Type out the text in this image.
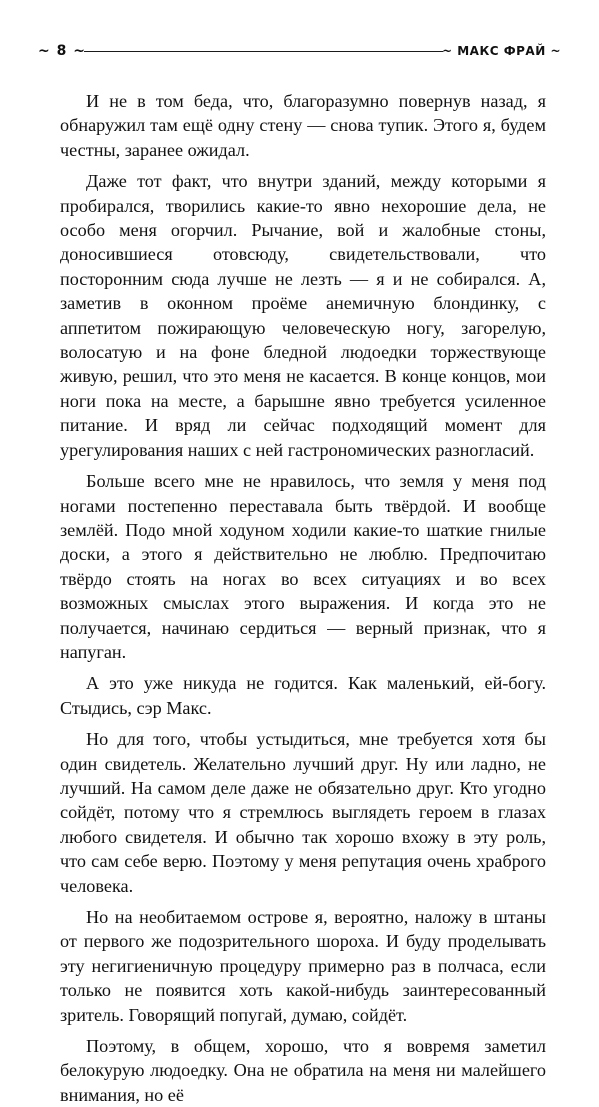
~ 8 ~	~ МАКС ФРАЙ ~

И не в том беда, что, благоразумно повернув назад, я обнаружил там ещё одну стену — снова тупик. Этого я, будем честны, заранее ожидал.

Даже тот факт, что внутри зданий, между которыми я пробирался, творились какие-то явно нехорошие дела, не особо меня огорчил. Рычание, вой и жалобные стоны, доносившиеся отовсюду, свидетельствовали, что посторонним сюда лучше не лезть — я и не собирался. А, заметив в оконном проёме анемичную блондинку, с аппетитом пожирающую человеческую ногу, загорелую, волосатую и на фоне бледной людоедки торжествующе живую, решил, что это меня не касается. В конце концов, мои ноги пока на месте, а барышне явно требуется усиленное питание. И вряд ли сейчас подходящий момент для урегулирования наших с ней гастрономических разногласий.

Больше всего мне не нравилось, что земля у меня под ногами постепенно переставала быть твёрдой. И вообще землёй. Подо мной ходуном ходили какие-то шаткие гнилые доски, а этого я действительно не люблю. Предпочитаю твёрдо стоять на ногах во всех ситуациях и во всех возможных смыслах этого выражения. И когда это не получается, начинаю сердиться — верный признак, что я напуган.

А это уже никуда не годится. Как маленький, ей-богу. Стыдись, сэр Макс.

Но для того, чтобы устыдиться, мне требуется хотя бы один свидетель. Желательно лучший друг. Ну или ладно, не лучший. На самом деле даже не обязательно друг. Кто угодно сойдёт, потому что я стремлюсь выглядеть героем в глазах любого свидетеля. И обычно так хорошо вхожу в эту роль, что сам себе верю. Поэтому у меня репутация очень храброго человека.

Но на необитаемом острове я, вероятно, наложу в штаны от первого же подозрительного шороха. И буду проделывать эту негигиеничную процедуру примерно раз в полчаса, если только не появится хоть какой-нибудь заинтересованный зритель. Говорящий попугай, думаю, сойдёт.

Поэтому, в общем, хорошо, что я вовремя заметил белокурую людоедку. Она не обратила на меня ни малейшего внимания, но её
